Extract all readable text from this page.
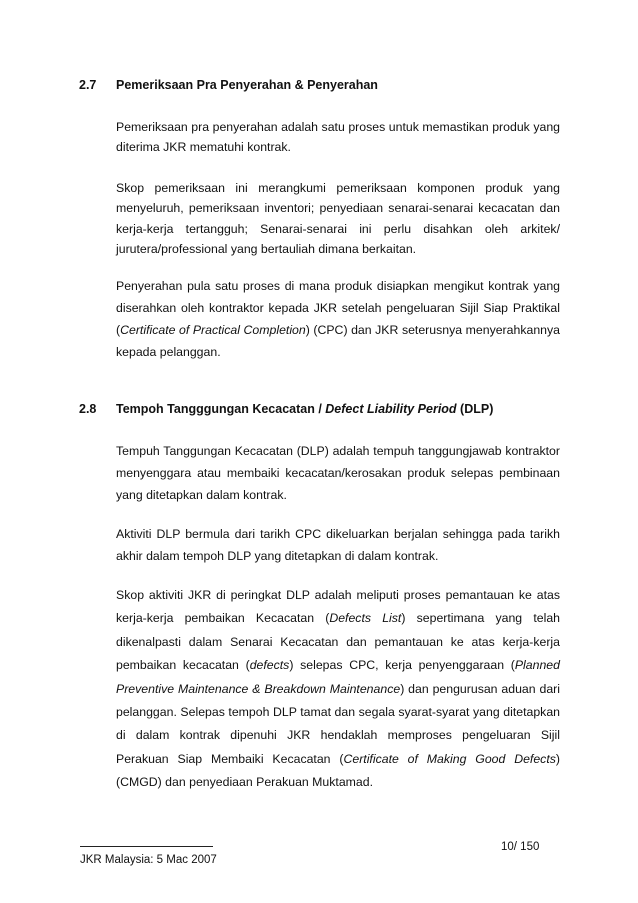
2.7 Pemeriksaan Pra Penyerahan & Penyerahan

Pemeriksaan pra penyerahan adalah satu proses untuk memastikan produk yang diterima JKR mematuhi kontrak.

Skop pemeriksaan ini merangkumi pemeriksaan komponen produk yang menyeluruh, pemeriksaan inventori; penyediaan senarai-senarai kecacatan dan kerja-kerja tertangguh; Senarai-senarai ini perlu disahkan oleh arkitek/ jurutera/professional yang bertauliah dimana berkaitan.

Penyerahan pula satu proses di mana produk disiapkan mengikut kontrak yang diserahkan oleh kontraktor kepada JKR setelah pengeluaran Sijil Siap Praktikal (Certificate of Practical Completion) (CPC) dan JKR seterusnya menyerahkannya kepada pelanggan.

2.8 Tempoh Tangggungan Kecacatan / Defect Liability Period (DLP)

Tempuh Tanggungan Kecacatan (DLP) adalah tempuh tanggungjawab kontraktor menyenggara atau membaiki kecacatan/kerosakan produk selepas pembinaan yang ditetapkan dalam kontrak.

Aktiviti DLP bermula dari tarikh CPC dikeluarkan berjalan sehingga pada tarikh akhir dalam tempoh DLP yang ditetapkan di dalam kontrak.

Skop aktiviti JKR di peringkat DLP adalah meliputi proses pemantauan ke atas kerja-kerja pembaikan Kecacatan (Defects List) sepertimana yang telah dikenalpasti dalam Senarai Kecacatan dan pemantauan ke atas kerja-kerja pembaikan kecacatan (defects) selepas CPC, kerja penyenggaraan (Planned Preventive Maintenance & Breakdown Maintenance) dan pengurusan aduan dari pelanggan. Selepas tempoh DLP tamat dan segala syarat-syarat yang ditetapkan di dalam kontrak dipenuhi JKR hendaklah memproses pengeluaran Sijil Perakuan Siap Membaiki Kecacatan (Certificate of Making Good Defects) (CMGD) dan penyediaan Perakuan Muktamad.

10/ 150
JKR Malaysia: 5 Mac 2007
